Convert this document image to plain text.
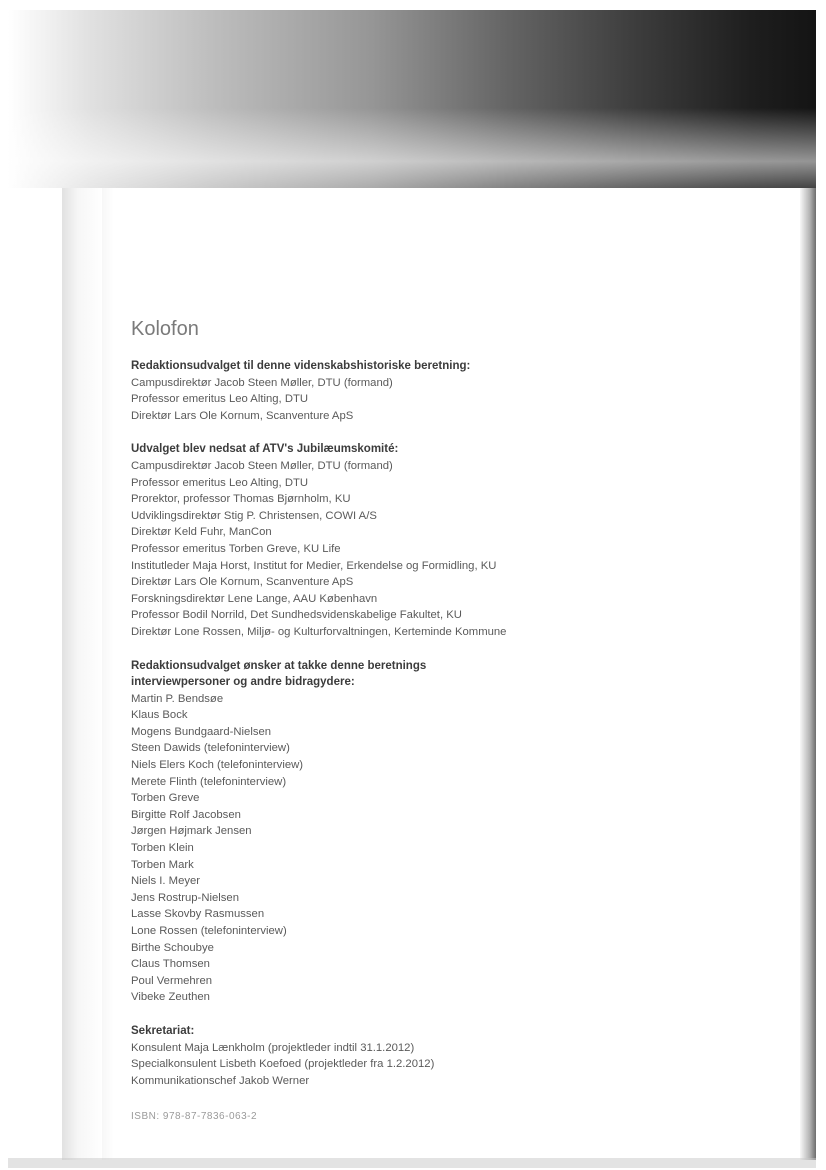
Kolofon

Redaktionsudvalget til denne videnskabshistoriske beretning:

Campusdirektør Jacob Steen Møller, DTU (formand)

Professor emeritus Leo Alting, DTU

Direktør Lars Ole Kornum, Scanventure ApS

Udvalget blev nedsat af ATV's Jubilæumskomité:

Campusdirektør Jacob Steen Møller, DTU (formand)

Professor emeritus Leo Alting, DTU

Prorektor, professor Thomas Bjørnholm, KU

Udviklingsdirektør Stig P. Christensen, COWI A/S

Direktør Keld Fuhr, ManCon

Professor emeritus Torben Greve, KU Life

Institutleder Maja Horst, Institut for Medier, Erkendelse og Formidling, KU

Direktør Lars Ole Kornum, Scanventure ApS

Forskningsdirektør Lene Lange, AAU København

Professor Bodil Norrild, Det Sundhedsvidenskabelige Fakultet, KU

Direktør Lone Rossen, Miljø- og Kulturforvaltningen, Kerteminde Kommune

Redaktionsudvalget ønsker at takke denne beretnings

interviewpersoner og andre bidragydere:

Martin P. Bendsøe

Klaus Bock

Mogens Bundgaard-Nielsen

Steen Dawids (telefoninterview)

Niels Elers Koch (telefoninterview)

Merete Flinth (telefoninterview)

Torben Greve

Birgitte Rolf Jacobsen

Jørgen Højmark Jensen

Torben Klein

Torben Mark

Niels I. Meyer

Jens Rostrup-Nielsen

Lasse Skovby Rasmussen

Lone Rossen (telefoninterview)

Birthe Schoubye

Claus Thomsen

Poul Vermehren

Vibeke Zeuthen

Sekretariat:

Konsulent Maja Lænkholm (projektleder indtil 31.1.2012)

Specialkonsulent Lisbeth Koefoed (projektleder fra 1.2.2012)

Kommunikationschef Jakob Werner

ISBN: 978-87-7836-063-2
